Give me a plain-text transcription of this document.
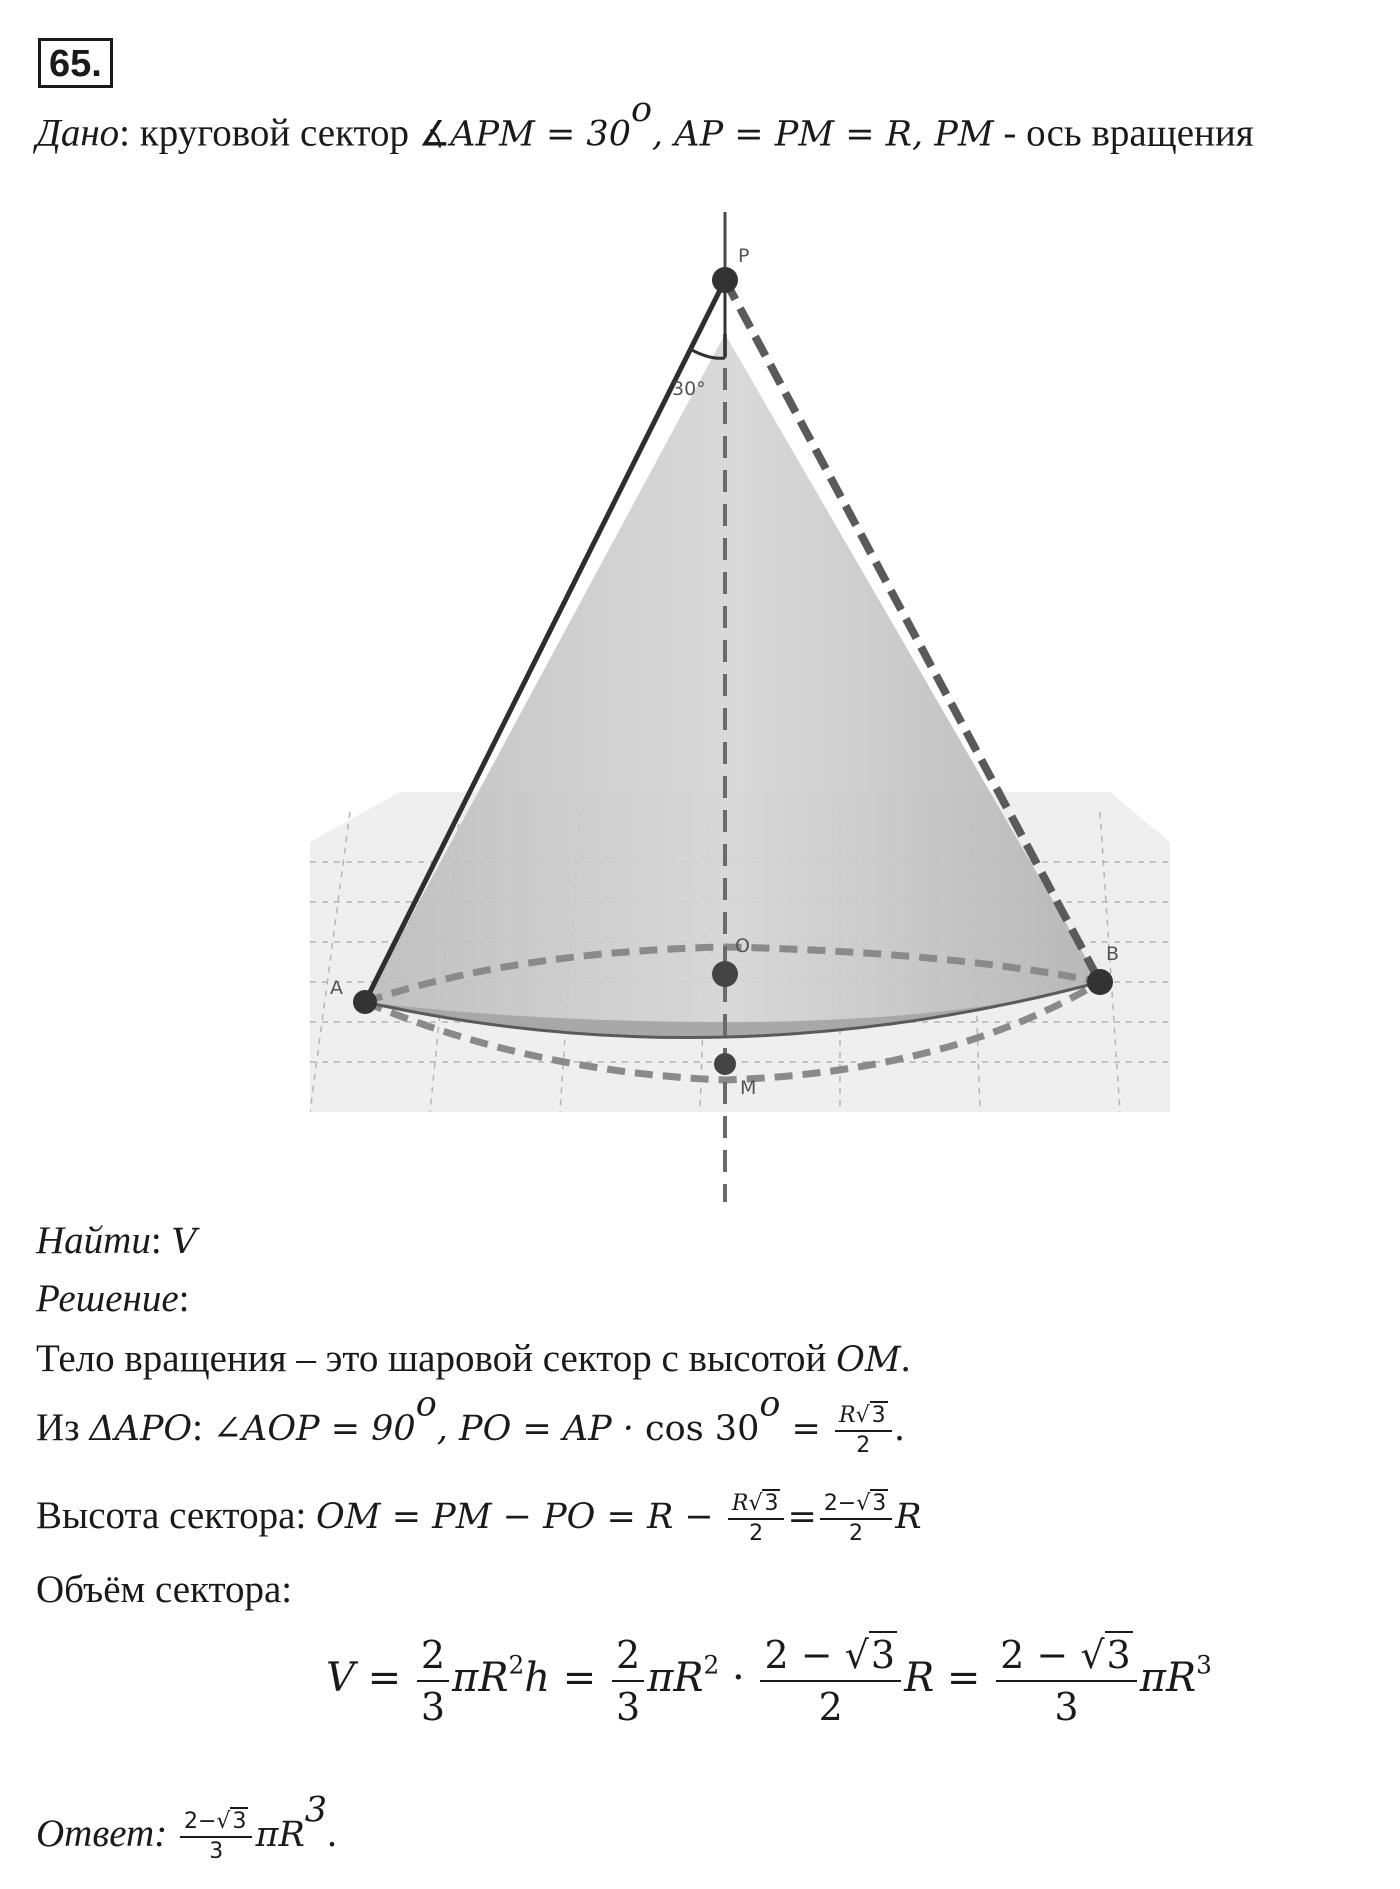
65.
Дано: круговой сектор ∡APM = $30^o$, AP = PM = R, PM - ось вращения
30°
P
A
B
O
M
Найти: V
Решение:
Тело вращения – это шаровой сектор с высотой OM.
Из ΔAPO: ∠AOP = $90^o$, PO = AP · $\cos 30^o = \frac{R√3}{2}$ .
Высота сектора: OM = PM − PO = $R - \frac{R√3}{2} = \frac{2-√3}{2}$ R
Объём сектора:
$V = \frac{2}{3} \pi R^2h = \frac{2}{3} \pi R^2 \cdot \frac{2 - √3}{2}$ $R = \frac{2 - √3}{3} \pi R^3$
Ответ: $\frac{2-√3}{3} \pi R^3$.
